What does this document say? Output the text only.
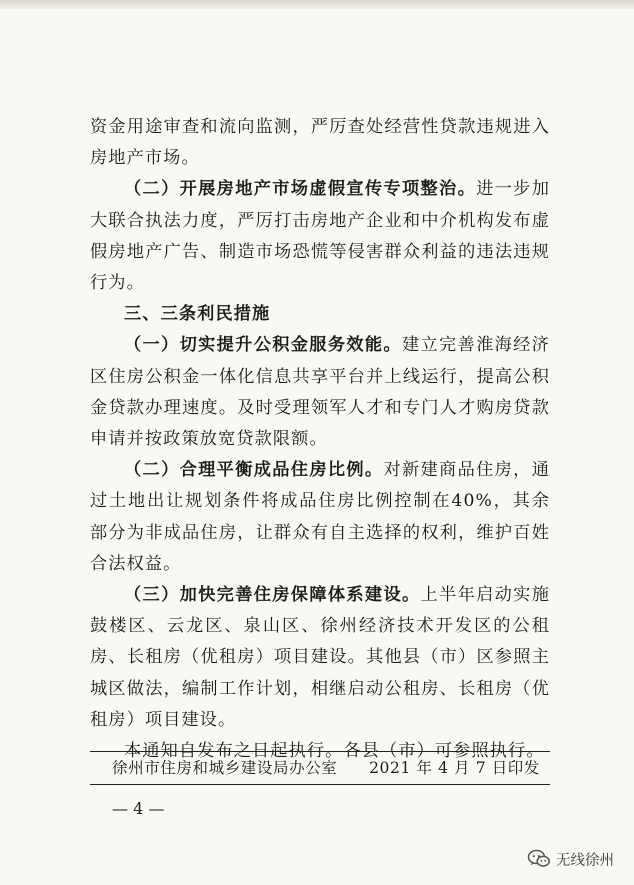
资金用途审查和流向监测，严厉查处经营性贷款违规进入房地产市场。

（二）开展房地产市场虚假宣传专项整治。进一步加大联合执法力度，严厉打击房地产企业和中介机构发布虚假房地产广告、制造市场恐慌等侵害群众利益的违法违规行为。

三、三条利民措施

（一）切实提升公积金服务效能。建立完善淮海经济区住房公积金一体化信息共享平台并上线运行，提高公积金贷款办理速度。及时受理领军人才和专门人才购房贷款申请并按政策放宽贷款限额。

（二）合理平衡成品住房比例。对新建商品住房，通过土地出让规划条件将成品住房比例控制在40%，其余部分为非成品住房，让群众有自主选择的权利，维护百姓合法权益。

（三）加快完善住房保障体系建设。上半年启动实施鼓楼区、云龙区、泉山区、徐州经济技术开发区的公租房、长租房（优租房）项目建设。其他县（市）区参照主城区做法，编制工作计划，相继启动公租房、长租房（优租房）项目建设。

本通知自发布之日起执行。各县（市）可参照执行。

徐州市住房和城乡建设局办公室 2021 年 4 月 7 日印发
— 4 —
无线徐州
